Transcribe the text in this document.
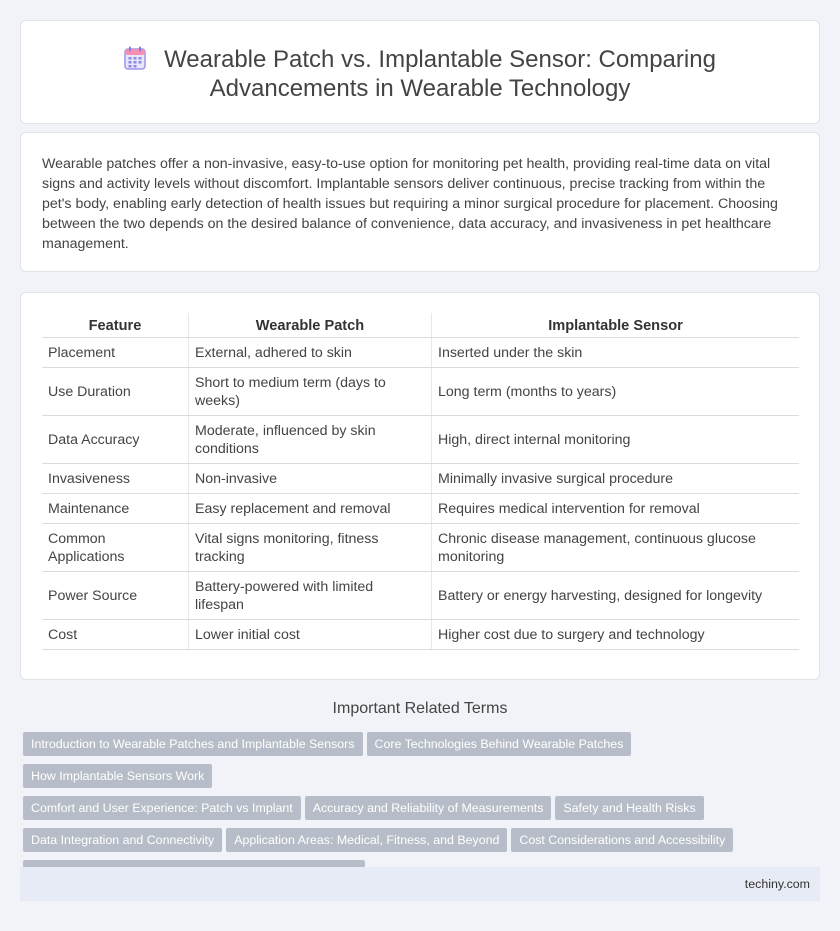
Wearable Patch vs. Implantable Sensor: Comparing
Advancements in Wearable Technology
Wearable patches offer a non-invasive, easy-to-use option for monitoring pet health, providing real-time data on vital signs and activity levels without discomfort. Implantable sensors deliver continuous, precise tracking from within the pet's body, enabling early detection of health issues but requiring a minor surgical procedure for placement. Choosing between the two depends on the desired balance of convenience, data accuracy, and invasiveness in pet healthcare management.
Feature	Wearable Patch	Implantable Sensor
Placement	External, adhered to skin	Inserted under the skin
Use Duration	Short to medium term (days to weeks)	Long term (months to years)
Data Accuracy	Moderate, influenced by skin conditions	High, direct internal monitoring
Invasiveness	Non-invasive	Minimally invasive surgical procedure
Maintenance	Easy replacement and removal	Requires medical intervention for removal
Common Applications	Vital signs monitoring, fitness tracking	Chronic disease management, continuous glucose monitoring
Power Source	Battery-powered with limited lifespan	Battery or energy harvesting, designed for longevity
Cost	Lower initial cost	Higher cost due to surgery and technology
Important Related Terms
Introduction to Wearable Patches and Implantable Sensors Core Technologies Behind Wearable PatchesHow Implantable Sensors Work
Comfort and User Experience: Patch vs Implant Accuracy and Reliability of Measurements Safety and Health Risks
Data Integration and Connectivity Application Areas: Medical, Fitness, and Beyond Cost Considerations and Accessibility

techiny.com
